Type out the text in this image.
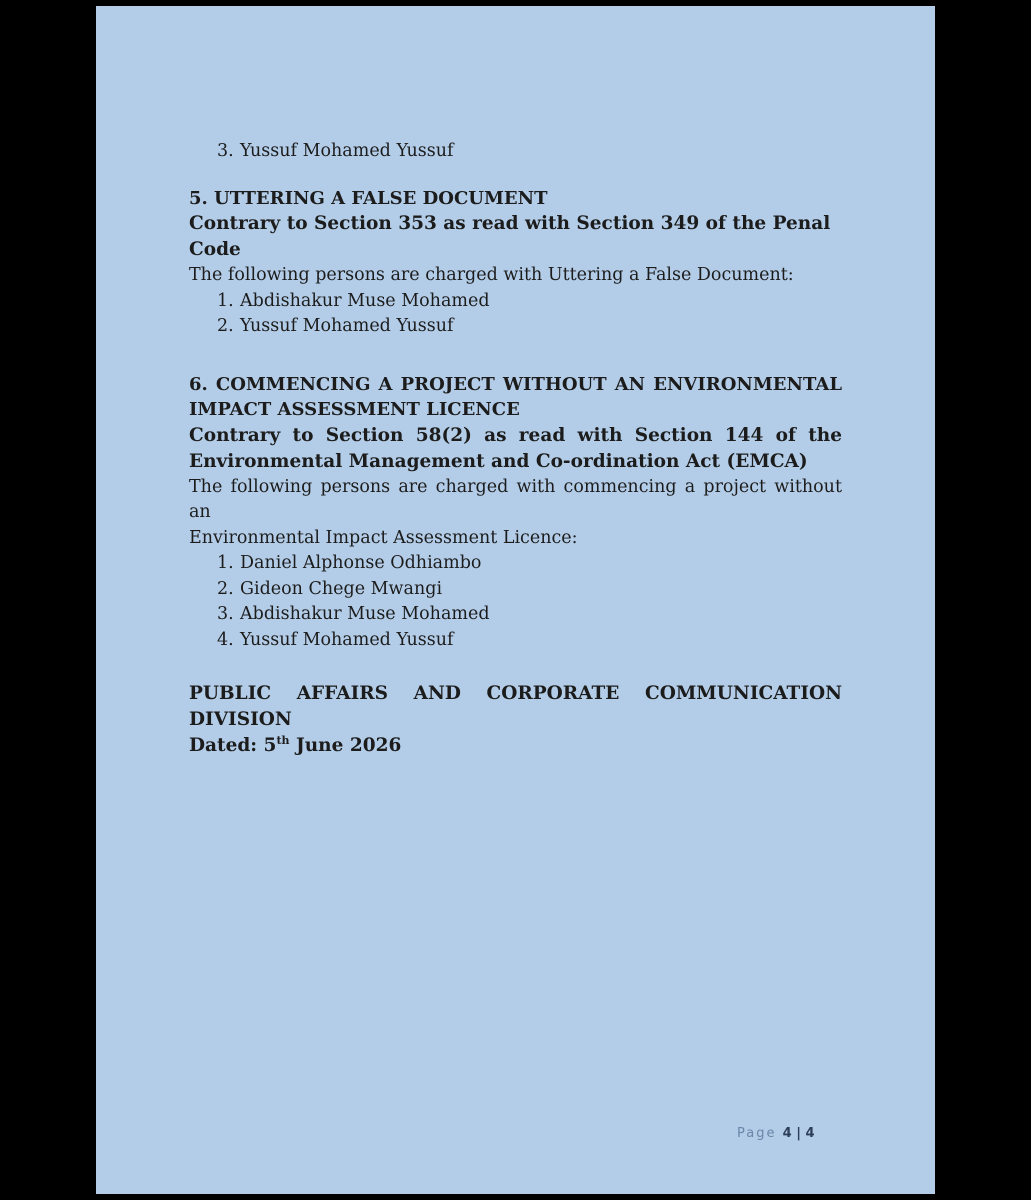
3. Yussuf Mohamed Yussuf

5. UTTERING A FALSE DOCUMENT

Contrary to Section 353 as read with Section 349 of the Penal Code

The following persons are charged with Uttering a False Document:

1. Abdishakur Muse Mohamed
2. Yussuf Mohamed Yussuf

6. COMMENCING A PROJECT WITHOUT AN ENVIRONMENTAL
IMPACT ASSESSMENT LICENCE

Contrary to Section 58(2) as read with Section 144 of the
Environmental Management and Co-ordination Act (EMCA)

The following persons are charged with commencing a project without an
Environmental Impact Assessment Licence:

1. Daniel Alphonse Odhiambo
2. Gideon Chege Mwangi
3. Abdishakur Muse Mohamed
4. Yussuf Mohamed Yussuf

PUBLIC AFFAIRS AND CORPORATE COMMUNICATION
DIVISION

Dated: 5th June 2026

Page 4 | 4
